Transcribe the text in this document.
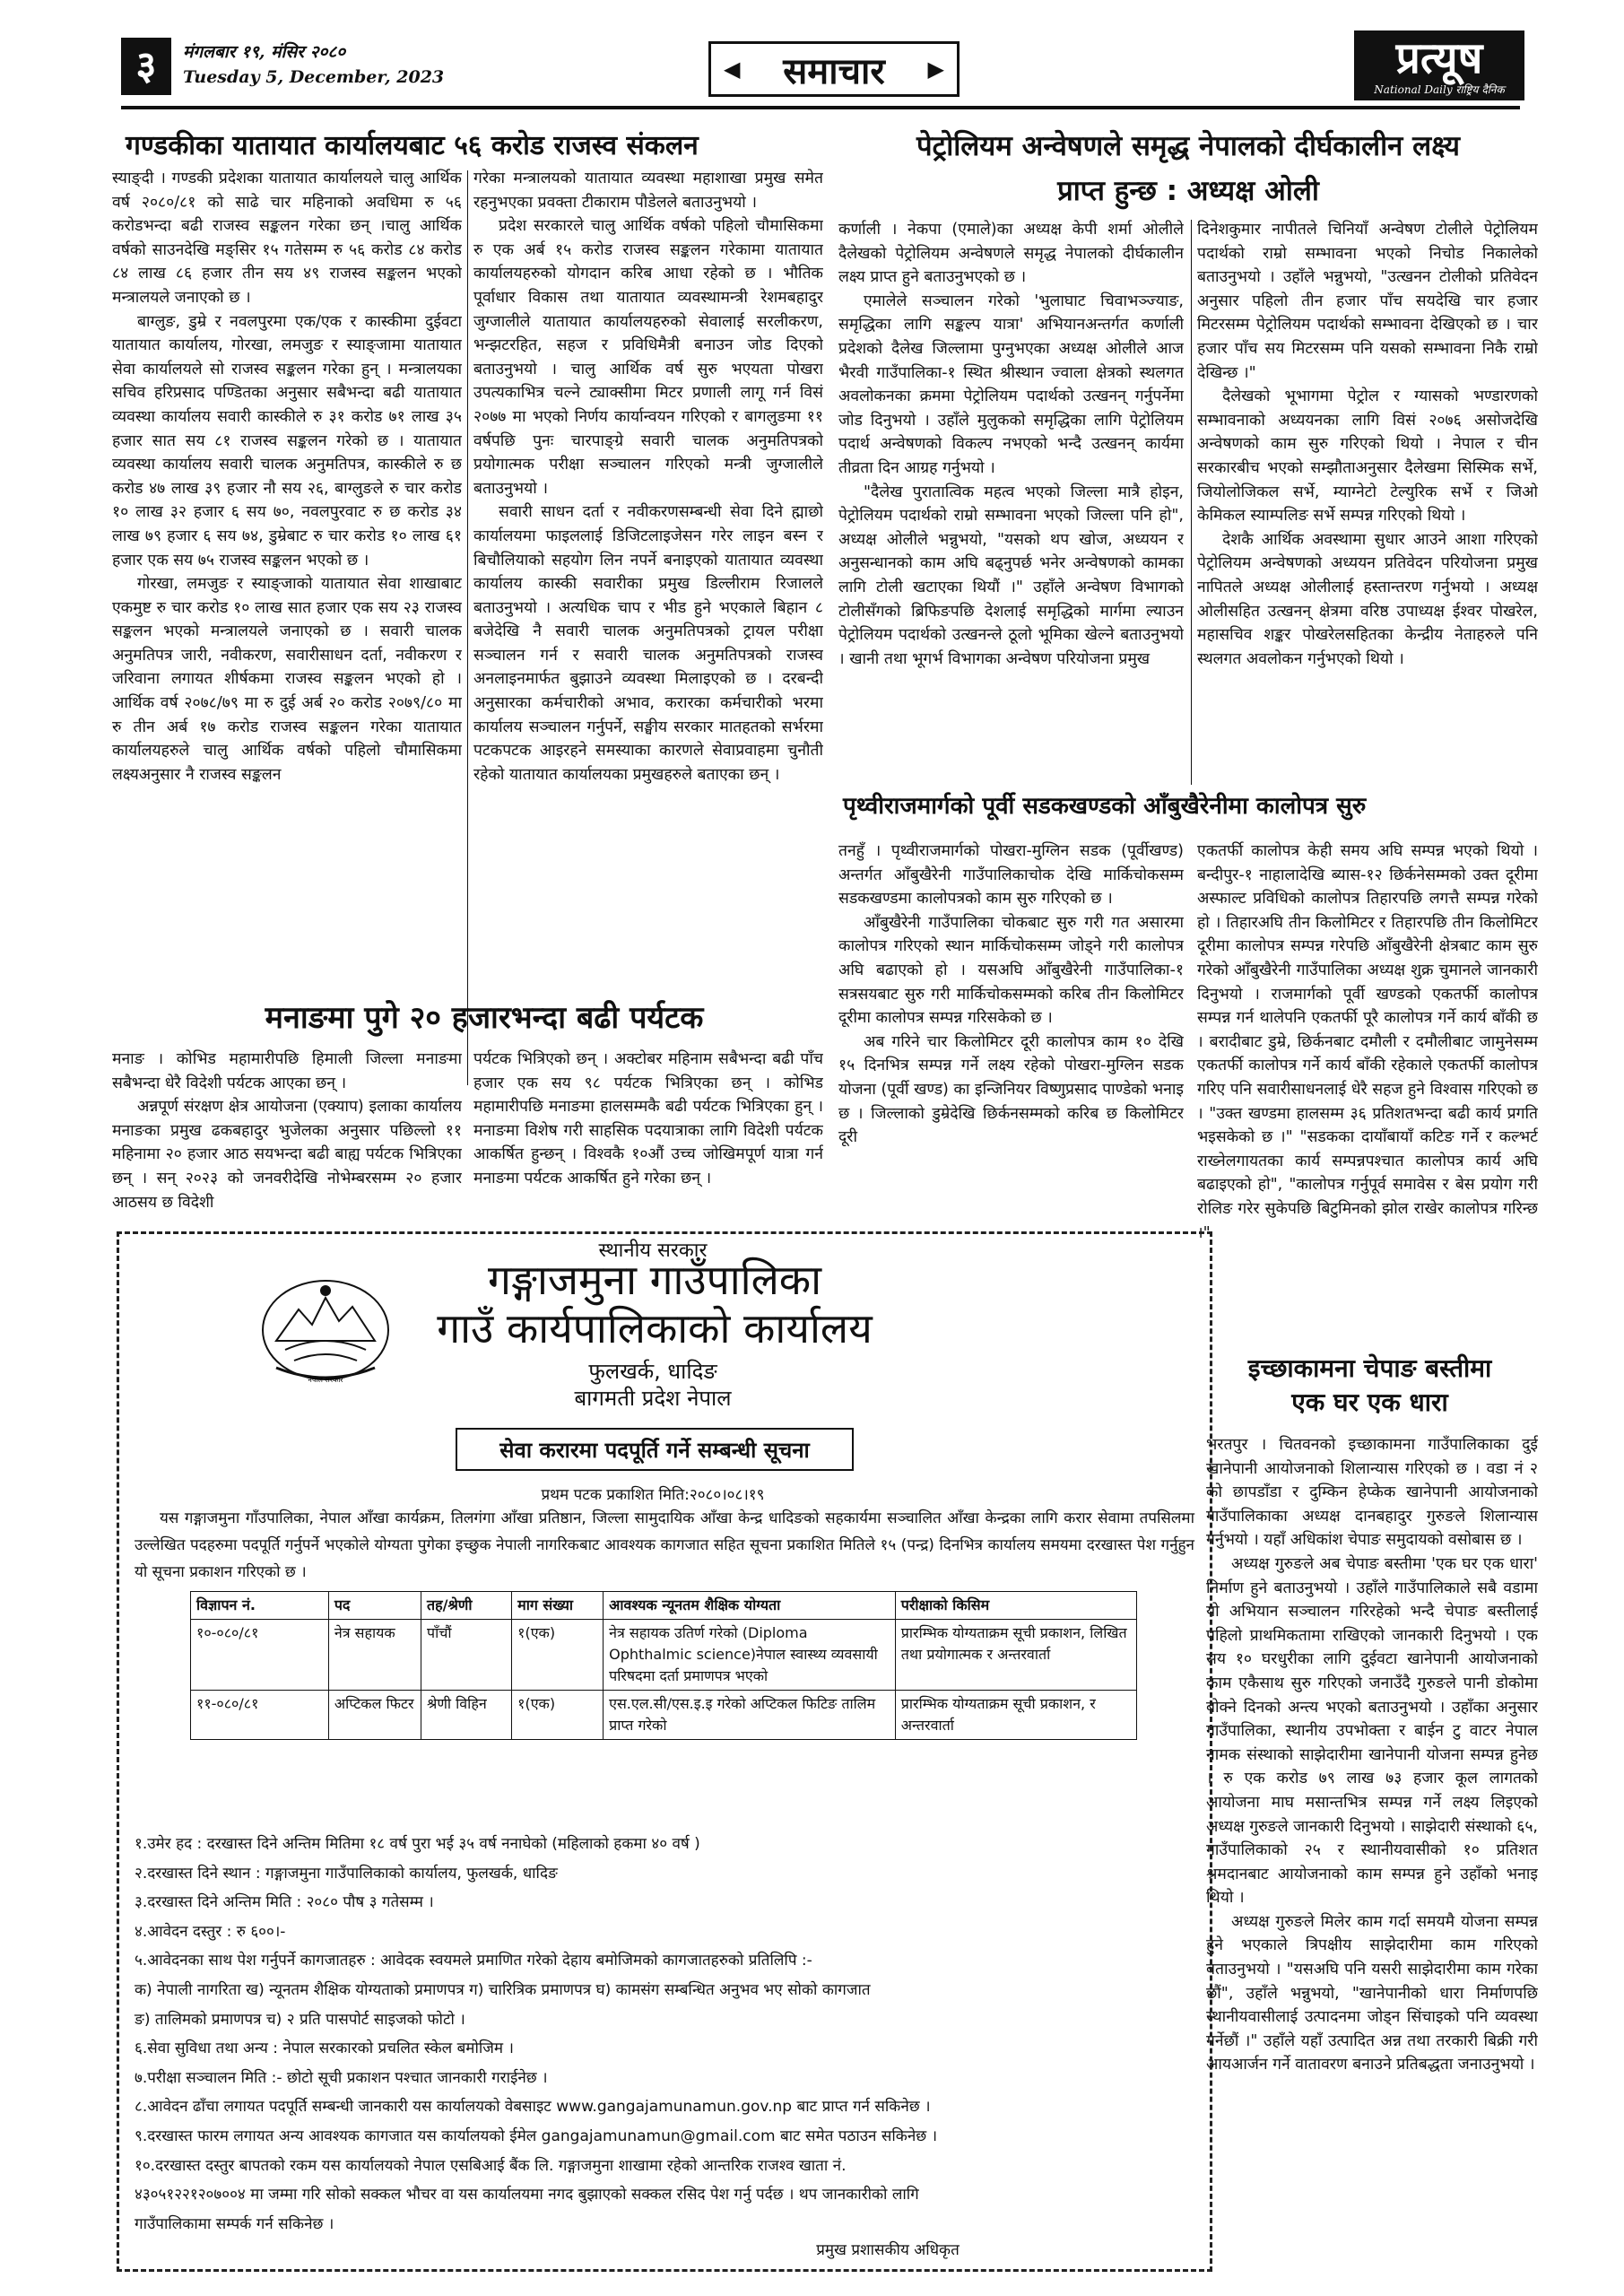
३	मंगलबार १९, मंसिर २०८०
Tuesday 5, December, 2023	◀ समाचार ▶	प्रत्यूष
National Daily राष्ट्रिय दैनिक
गण्डकीका यातायात कार्यालयबाट ५६ करोड राजस्व संकलन

स्याङ्दी । गण्डकी प्रदेशका यातायात कार्यालयले चालु आर्थिक वर्ष २०८०/८१ को साढे चार महिनाको अवधिमा रु ५६ करोडभन्दा बढी राजस्व सङ्कलन गरेका छन् ।चालु आर्थिक वर्षको साउनदेखि मङ्सिर १५ गतेसम्म रु ५६ करोड ८४ करोड ८४ लाख ८६ हजार तीन सय ४९ राजस्व सङ्कलन भएको मन्त्रालयले जनाएको छ ।

बाग्लुङ, डुम्रे र नवलपुरमा एक/एक र कास्कीमा दुईवटा यातायात कार्यालय, गोरखा, लमजुङ र स्याङ्जामा यातायात सेवा कार्यालयले सो राजस्व सङ्कलन गरेका हुन् । मन्त्रालयका सचिव हरिप्रसाद पण्डितका अनुसार सबैभन्दा बढी यातायात व्यवस्था कार्यालय सवारी कास्कीले रु ३१ करोड ७१ लाख ३५ हजार सात सय ८१ राजस्व सङ्कलन गरेको छ । यातायात व्यवस्था कार्यालय सवारी चालक अनुमतिपत्र, कास्कीले रु छ करोड ४७ लाख ३९ हजार नौ सय २६, बाग्लुङले रु चार करोड १० लाख ३२ हजार ६ सय ७०, नवलपुरवाट रु छ करोड ३४ लाख ७९ हजार ६ सय ७४, डुम्रेबाट रु चार करोड १० लाख ६१ हजार एक सय ७५ राजस्व सङ्कलन भएको छ ।

गोरखा, लमजुङ र स्याङ्जाको यातायात सेवा शाखाबाट एकमुष्ट रु चार करोड १० लाख सात हजार एक सय २३ राजस्व सङ्कलन भएको मन्त्रालयले जनाएको छ । सवारी चालक अनुमतिपत्र जारी, नवीकरण, सवारीसाधन दर्ता, नवीकरण र जरिवाना लगायत शीर्षकमा राजस्व सङ्कलन भएको हो । आर्थिक वर्ष २०७८/७९ मा रु दुई अर्ब २० करोड २०७९/८० मा रु तीन अर्ब १७ करोड राजस्व सङ्कलन गरेका यातायात कार्यालयहरुले चालु आर्थिक वर्षको पहिलो चौमासिकमा लक्ष्यअनुसार नै राजस्व सङ्कलन

गरेका मन्त्रालयको यातायात व्यवस्था महाशाखा प्रमुख समेत रहनुभएका प्रवक्ता टीकाराम पौडेलले बताउनुभयो ।

प्रदेश सरकारले चालु आर्थिक वर्षको पहिलो चौमासिकमा रु एक अर्ब १५ करोड राजस्व सङ्कलन गरेकामा यातायात कार्यालयहरुको योगदान करिब आधा रहेको छ । भौतिक पूर्वाधार विकास तथा यातायात व्यवस्थामन्त्री रेशमबहादुर जुग्जालीले यातायात कार्यालयहरुको सेवालाई सरलीकरण, भन्झटरहित, सहज र प्रविधिमैत्री बनाउन जोड दिएको बताउनुभयो । चालु आर्थिक वर्ष सुरु भएयता पोखरा उपत्यकाभित्र चल्ने ट्याक्सीमा मिटर प्रणाली लागू गर्न विसं २०७७ मा भएको निर्णय कार्यान्वयन गरिएको र बागलुङमा ११ वर्षपछि पुनः चारपाङ्ग्रे सवारी चालक अनुमतिपत्रको प्रयोगात्मक परीक्षा सञ्चालन गरिएको मन्त्री जुग्जालीले बताउनुभयो ।

सवारी साधन दर्ता र नवीकरणसम्बन्धी सेवा दिने ह्माछो कार्यालयमा फाइललाई डिजिटलाइजेसन गरेर लाइन बस्न र बिचौलियाको सहयोग लिन नपर्ने बनाइएको यातायात व्यवस्था कार्यालय कास्की सवारीका प्रमुख डिल्लीराम रिजालले बताउनुभयो । अत्यधिक चाप र भीड हुने भएकाले बिहान ८ बजेदेखि नै सवारी चालक अनुमतिपत्रको ट्रायल परीक्षा सञ्चालन गर्न र सवारी चालक अनुमतिपत्रको राजस्व अनलाइनमार्फत बुझाउने व्यवस्था मिलाइएको छ । दरबन्दी अनुसारका कर्मचारीको अभाव, करारका कर्मचारीको भरमा कार्यालय सञ्चालन गर्नुपर्ने, सङ्घीय सरकार मातहतको सर्भरमा पटकपटक आइरहने समस्याका कारणले सेवाप्रवाहमा चुनौती रहेको यातायात कार्यालयका प्रमुखहरुले बताएका छन् ।

पेट्रोलियम अन्वेषणले समृद्ध नेपालको दीर्घकालीन लक्ष्य
प्राप्त हुन्छ : अध्यक्ष ओली

कर्णाली । नेकपा (एमाले)का अध्यक्ष केपी शर्मा ओलीले दैलेखको पेट्रोलियम अन्वेषणले समृद्ध नेपालको दीर्घकालीन लक्ष्य प्राप्त हुने बताउनुभएको छ ।

एमालेले सञ्चालन गरेको 'भुलाघाट चिवाभञ्ज्याङ, समृद्धिका लागि सङ्कल्प यात्रा' अभियानअन्तर्गत कर्णाली प्रदेशको दैलेख जिल्लामा पुग्नुभएका अध्यक्ष ओलीले आज भैरवी गाउँपालिका-१ स्थित श्रीस्थान ज्वाला क्षेत्रको स्थलगत अवलोकनका क्रममा पेट्रोलियम पदार्थको उत्खनन् गर्नुपर्नेमा जोड दिनुभयो । उहाँले मुलुकको समृद्धिका लागि पेट्रोलियम पदार्थ अन्वेषणको विकल्प नभएको भन्दै उत्खनन् कार्यमा तीव्रता दिन आग्रह गर्नुभयो ।

"दैलेख पुरातात्विक महत्व भएको जिल्ला मात्रै होइन, पेट्रोलियम पदार्थको राम्रो सम्भावना भएको जिल्ला पनि हो", अध्यक्ष ओलीले भन्नुभयो, "यसको थप खोज, अध्ययन र अनुसन्धानको काम अघि बढ्नुपर्छ भनेर अन्वेषणको कामका लागि टोली खटाएका थियौं ।" उहाँले अन्वेषण विभागको टोलीसँगको ब्रिफिङपछि देशलाई समृद्धिको मार्गमा ल्याउन पेट्रोलियम पदार्थको उत्खनन्ले ठूलो भूमिका खेल्ने बताउनुभयो । खानी तथा भूगर्भ विभागका अन्वेषण परियोजना प्रमुख

दिनेशकुमार नापीतले चिनियाँ अन्वेषण टोलीले पेट्रोलियम पदार्थको राम्रो सम्भावना भएको निचोड निकालेको बताउनुभयो । उहाँले भन्नुभयो, "उत्खनन टोलीको प्रतिवेदन अनुसार पहिलो तीन हजार पाँच सयदेखि चार हजार मिटरसम्म पेट्रोलियम पदार्थको सम्भावना देखिएको छ । चार हजार पाँच सय मिटरसम्म पनि यसको सम्भावना निकै राम्रो देखिन्छ ।"

दैलेखको भूभागमा पेट्रोल र ग्यासको भण्डारणको सम्भावनाको अध्ययनका लागि विसं २०७६ असोजदेखि अन्वेषणको काम सुरु गरिएको थियो । नेपाल र चीन सरकारबीच भएको सम्झौताअनुसार दैलेखमा सिस्मिक सर्भे, जियोलोजिकल सर्भे, म्याग्नेटो टेल्युरिक सर्भे र जिओ केमिकल स्याम्पलिङ सर्भे सम्पन्न गरिएको थियो ।

देशकै आर्थिक अवस्थामा सुधार आउने आशा गरिएको पेट्रोलियम अन्वेषणको अध्ययन प्रतिवेदन परियोजना प्रमुख नापितले अध्यक्ष ओलीलाई हस्तान्तरण गर्नुभयो । अध्यक्ष ओलीसहित उत्खनन् क्षेत्रमा वरिष्ठ उपाध्यक्ष ईश्वर पोखरेल, महासचिव शङ्कर पोखरेलसहितका केन्द्रीय नेताहरुले पनि स्थलगत अवलोकन गर्नुभएको थियो ।

पृथ्वीराजमार्गको पूर्वी सडकखण्डको आँबुखैरेनीमा कालोपत्र सुरु

तनहुँ । पृथ्वीराजमार्गको पोखरा-मुग्लिन सडक (पूर्वीखण्ड) अन्तर्गत आँबुखैरेनी गाउँपालिकाचोक देखि मार्किचोकसम्म सडकखण्डमा कालोपत्रको काम सुरु गरिएको छ ।

आँबुखैरेनी गाउँपालिका चोकबाट सुरु गरी गत असारमा कालोपत्र गरिएको स्थान मार्किचोकसम्म जोड्ने गरी कालोपत्र अघि बढाएको हो । यसअघि आँबुखैरेनी गाउँपालिका-१ सत्रसयबाट सुरु गरी मार्किचोकसम्मको करिब तीन किलोमिटर दूरीमा कालोपत्र सम्पन्न गरिसकेको छ ।

अब गरिने चार किलोमिटर दूरी कालोपत्र काम १० देखि १५ दिनभित्र सम्पन्न गर्ने लक्ष्य रहेको पोखरा-मुग्लिन सडक योजना (पूर्वी खण्ड) का इन्जिनियर विष्णुप्रसाद पाण्डेको भनाइ छ । जिल्लाको डुम्रेदेखि छिर्कनसम्मको करिब छ किलोमिटर दूरी

एकतर्फी कालोपत्र केही समय अघि सम्पन्न भएको थियो । बन्दीपुर-१ नाहालादेखि ब्यास-१२ छिर्कनेसम्मको उक्त दूरीमा अस्फाल्ट प्रविधिको कालोपत्र तिहारपछि लगत्तै सम्पन्न गरेको हो । तिहारअघि तीन किलोमिटर र तिहारपछि तीन किलोमिटर दूरीमा कालोपत्र सम्पन्न गरेपछि आँबुखैरेनी क्षेत्रबाट काम सुरु गरेको आँबुखैरेनी गाउँपालिका अध्यक्ष शुक्र चुमानले जानकारी दिनुभयो । राजमार्गको पूर्वी खण्डको एकतर्फी कालोपत्र सम्पन्न गर्न थालेपनि एकतर्फी पूरै कालोपत्र गर्ने कार्य बाँकी छ । बरादीबाट डुम्रे, छिर्कनबाट दमौली र दमौलीबाट जामुनेसम्म एकतर्फी कालोपत्र गर्ने कार्य बाँकी रहेकाले एकतर्फी कालोपत्र गरिए पनि सवारीसाधनलाई धेरै सहज हुने विश्वास गरिएको छ । "उक्त खण्डमा हालसम्म ३६ प्रतिशतभन्दा बढी कार्य प्रगति भइसकेको छ ।" "सडकका दायाँबायाँ कटिङ गर्ने र कल्भर्ट राख्नेलगायतका कार्य सम्पन्नपश्चात कालोपत्र कार्य अघि बढाइएको हो", "कालोपत्र गर्नुपूर्व समावेस र बेस प्रयोग गरी रोलिङ गरेर सुकेपछि बिटुमिनको झोल राखेर कालोपत्र गरिन्छ ।"

मनाङमा पुगे २० हजारभन्दा बढी पर्यटक

मनाङ । कोभिड महामारीपछि हिमाली जिल्ला मनाङमा सबैभन्दा धेरै विदेशी पर्यटक आएका छन् ।

अन्नपूर्ण संरक्षण क्षेत्र आयोजना (एक्याप) इलाका कार्यालय मनाङका प्रमुख ढकबहादुर भुजेलका अनुसार पछिल्लो ११ महिनामा २० हजार आठ सयभन्दा बढी बाह्य पर्यटक भित्रिएका छन् । सन् २०२३ को जनवरीदेखि नोभेम्बरसम्म २० हजार आठसय छ विदेशी

पर्यटक भित्रिएको छन् । अक्टोबर महिनाम सबैभन्दा बढी पाँच हजार एक सय ९८ पर्यटक भित्रिएका छन् । कोभिड महामारीपछि मनाङमा हालसम्मकै बढी पर्यटक भित्रिएका हुन् । मनाङमा विशेष गरी साहसिक पदयात्राका लागि विदेशी पर्यटक आकर्षित हुन्छन् । विश्वकै १०औं उच्च जोखिमपूर्ण यात्रा गर्न मनाङमा पर्यटक आकर्षित हुने गरेका छन् ।

इच्छाकामना चेपाङ बस्तीमा
एक घर एक धारा

भरतपुर । चितवनको इच्छाकामना गाउँपालिकाका दुई खानेपानी आयोजनाको शिलान्यास गरिएको छ । वडा नं २ को छापडाँडा र दुम्किन हेप्केक खानेपानी आयोजनाको गाउँपालिकाका अध्यक्ष दानबहादुर गुरुङले शिलान्यास गर्नुभयो । यहाँ अधिकांश चेपाङ समुदायको वसोबास छ ।

अध्यक्ष गुरुङले अब चेपाङ बस्तीमा 'एक घर एक धारा' निर्माण हुने बताउनुभयो । उहाँले गाउँपालिकाले सबै वडामा यो अभियान सञ्चालन गरिरहेको भन्दै चेपाङ बस्तीलाई पहिलो प्राथमिकतामा राखिएको जानकारी दिनुभयो । एक सय १० घरधुरीका लागि दुईवटा खानेपानी आयोजनाको काम एकैसाथ सुरु गरिएको जनाउँदै गुरुङले पानी डोकोमा बोक्ने दिनको अन्त्य भएको बताउनुभयो । उहाँका अनुसार गाउँपालिका, स्थानीय उपभोक्ता र बाईन टु वाटर नेपाल नामक संस्थाको साझेदारीमा खानेपानी योजना सम्पन्न हुनेछ । रु एक करोड ७९ लाख ७३ हजार कूल लागतको आयोजना माघ मसान्तभित्र सम्पन्न गर्ने लक्ष्य लिइएको अध्यक्ष गुरुङले जानकारी दिनुभयो । साझेदारी संस्थाको ६५, गाउँपालिकाको २५ र स्थानीयवासीको १० प्रतिशत श्रमदानबाट आयोजनाको काम सम्पन्न हुने उहाँको भनाइ थियो ।

अध्यक्ष गुरुङले मिलेर काम गर्दा समयमै योजना सम्पन्न हुने भएकाले त्रिपक्षीय साझेदारीमा काम गरिएको बताउनुभयो । "यसअघि पनि यसरी साझेदारीमा काम गरेका छौं", उहाँले भन्नुभयो, "खानेपानीको धारा निर्माणपछि स्थानीयवासीलाई उत्पादनमा जोड्न सिंचाइको पनि व्यवस्था गर्नेछौं ।" उहाँले यहाँ उत्पादित अन्न तथा तरकारी बिक्री गरी आयआर्जन गर्ने वातावरण बनाउने प्रतिबद्धता जनाउनुभयो ।

नेपाल सरकार
स्थानीय सरकार
गङ्गाजमुना गाउँपालिका
गाउँ कार्यपालिकाको कार्यालय
फुलखर्क, धादिङ
बागमती प्रदेश नेपाल
सेवा करारमा पदपूर्ति गर्ने सम्बन्धी सूचना
प्रथम पटक प्रकाशित मिति:२०८०।०८।१९
यस गङ्गाजमुना गाँउपालिका, नेपाल आँखा कार्यक्रम, तिलगंगा आँखा प्रतिष्ठान, जिल्ला सामुदायिक आँखा केन्द्र धादिङको सहकार्यमा सञ्चालित आँखा केन्द्रका लागि करार सेवामा तपसिलमा उल्लेखित पदहरुमा पदपूर्ति गर्नुपर्ने भएकोले योग्यता पुगेका इच्छुक नेपाली नागरिकबाट आवश्यक कागजात सहित सूचना प्रकाशित मितिले १५ (पन्द्र) दिनभित्र कार्यालय समयमा दरखास्त पेश गर्नुहुन यो सूचना प्रकाशन गरिएको छ ।
विज्ञापन नं.	पद	तह/श्रेणी	माग संख्या	आवश्यक न्यूनतम शैक्षिक योग्यता	परीक्षाको किसिम
१०-०८०/८१	नेत्र सहायक	पाँचौं	१(एक)	नेत्र सहायक उतिर्ण गरेको (Diploma Ophthalmic science)नेपाल स्वास्थ्य व्यवसायी परिषदमा दर्ता प्रमाणपत्र भएको	प्रारम्भिक योग्यताक्रम सूची प्रकाशन, लिखित तथा प्रयोगात्मक र अन्तरवार्ता
११-०८०/८१	अप्टिकल फिटर	श्रेणी विहिन	१(एक)	एस.एल.सी/एस.इ.इ गरेको अप्टिकल फिटिङ तालिम प्राप्त गरेको	प्रारम्भिक योग्यताक्रम सूची प्रकाशन, र अन्तरवार्ता
१.उमेर हद : दरखास्त दिने अन्तिम मितिमा १८ वर्ष पुरा भई ३५ वर्ष ननाघेको (महिलाको हकमा ४० वर्ष )
२.दरखास्त दिने स्थान : गङ्गाजमुना गाउँपालिकाको कार्यालय, फुलखर्क, धादिङ
३.दरखास्त दिने अन्तिम मिति : २०८० पौष ३ गतेसम्म ।
४.आवेदन दस्तुर : रु ६००।-
५.आवेदनका साथ पेश गर्नुपर्ने कागजातहरु : आवेदक स्वयमले प्रमाणित गरेको देहाय बमोजिमको कागजातहरुको प्रतिलिपि :-
क) नेपाली नागरिता ख) न्यूनतम शैक्षिक योग्यताको प्रमाणपत्र ग) चारित्रिक प्रमाणपत्र घ) कामसंग सम्बन्धित अनुभव भए सोको कागजात
ङ) तालिमको प्रमाणपत्र च) २ प्रति पासपोर्ट साइजको फोटो ।
६.सेवा सुविधा तथा अन्य : नेपाल सरकारको प्रचलित स्केल बमोजिम ।
७.परीक्षा सञ्चालन मिति :- छोटो सूची प्रकाशन पश्चात जानकारी गराईनेछ ।
८.आवेदन ढाँचा लगायत पदपूर्ति सम्बन्धी जानकारी यस कार्यालयको वेबसाइट www.gangajamunamun.gov.np बाट प्राप्त गर्न सकिनेछ ।
९.दरखास्त फारम लगायत अन्य आवश्यक कागजात यस कार्यालयको ईमेल gangajamunamun@gmail.com बाट समेत पठाउन सकिनेछ ।
१०.दरखास्त दस्तुर बापतको रकम यस कार्यालयको नेपाल एसबिआई बैंक लि. गङ्गाजमुना शाखामा रहेको आन्तरिक राजश्व खाता नं.
४३०५१२२१२०७००४ मा जम्मा गरि सोको सक्कल भौचर वा यस कार्यालयमा नगद बुझाएको सक्कल रसिद पेश गर्नु पर्दछ । थप जानकारीको लागि
गाउँपालिकामा सम्पर्क गर्न सकिनेछ ।
प्रमुख प्रशासकीय अधिकृत
